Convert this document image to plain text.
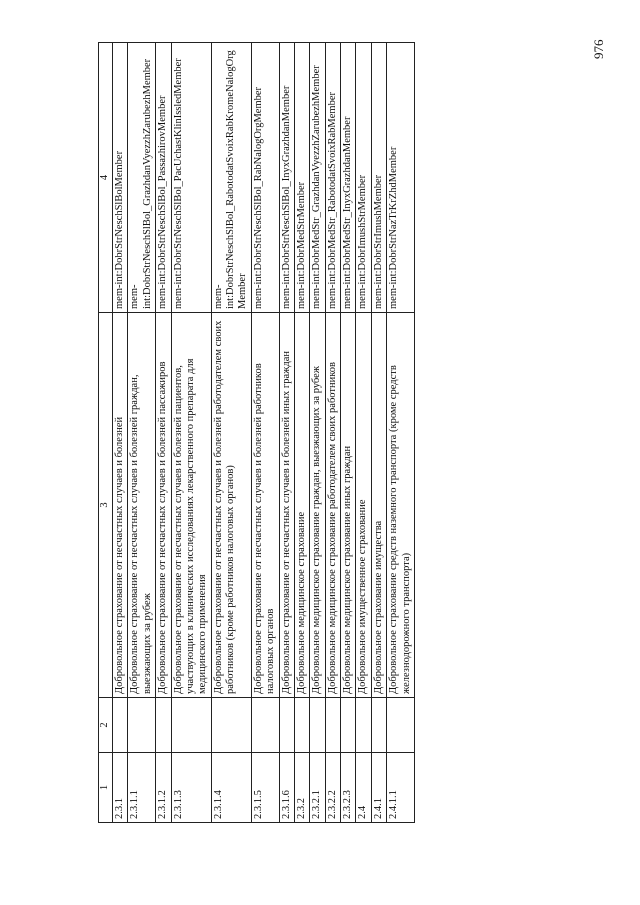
976
1	2	3	4
2.3.1		Добровольное страхование от несчастных случаев и болезней	mem-int:DobrStrNeschSlBolMember
2.3.1.1		Добровольное страхование от несчастных случаев и болезней граждан, выезжающих за рубеж	mem-int:DobrStrNeschSlBol_GrazhdanVyezzhZarubezhMember
2.3.1.2		Добровольное страхование от несчастных случаев и болезней пассажиров	mem-int:DobrStrNeschSlBol_PassazhirovMember
2.3.1.3		Добровольное страхование от несчастных случаев и болезней пациентов, участвующих в клинических исследованиях лекарственного препарата для медицинского применения	mem-int:DobrStrNeschSlBol_PacUchastKlinIssledMember
2.3.1.4		Добровольное страхование от несчастных случаев и болезней работодателем своих работников (кроме работников налоговых органов)	mem-int:DobrStrNeschSlBol_RabotodatSvoixRabKromeNalogOrgMember
2.3.1.5		Добровольное страхование от несчастных случаев и болезней работников налоговых органов	mem-int:DobrStrNeschSlBol_RabNalogOrgMember
2.3.1.6		Добровольное страхование от несчастных случаев и болезней иных граждан	mem-int:DobrStrNeschSlBol_InyxGrazhdanMember
2.3.2		Добровольное медицинское страхование	mem-int:DobrMedStrMember
2.3.2.1		Добровольное медицинское страхование граждан, выезжающих за рубеж	mem-int:DobrMedStr_GrazhdanVyezzhZarubezhMember
2.3.2.2		Добровольное медицинское страхование работодателем своих работников	mem-int:DobrMedStr_RabotodatSvoixRabMember
2.3.2.3		Добровольное медицинское страхование иных граждан	mem-int:DobrMedStr_InyxGrazhdanMember
2.4		Добровольное имущественное страхование	mem-int:DobrImushStrMember
2.4.1		Добровольное страхование имущества	mem-int:DobrStrImushMember
2.4.1.1		Добровольное страхование средств наземного транспорта (кроме средств железнодорожного транспорта)	mem-int:DobrStrNazTrKrZhdMember
